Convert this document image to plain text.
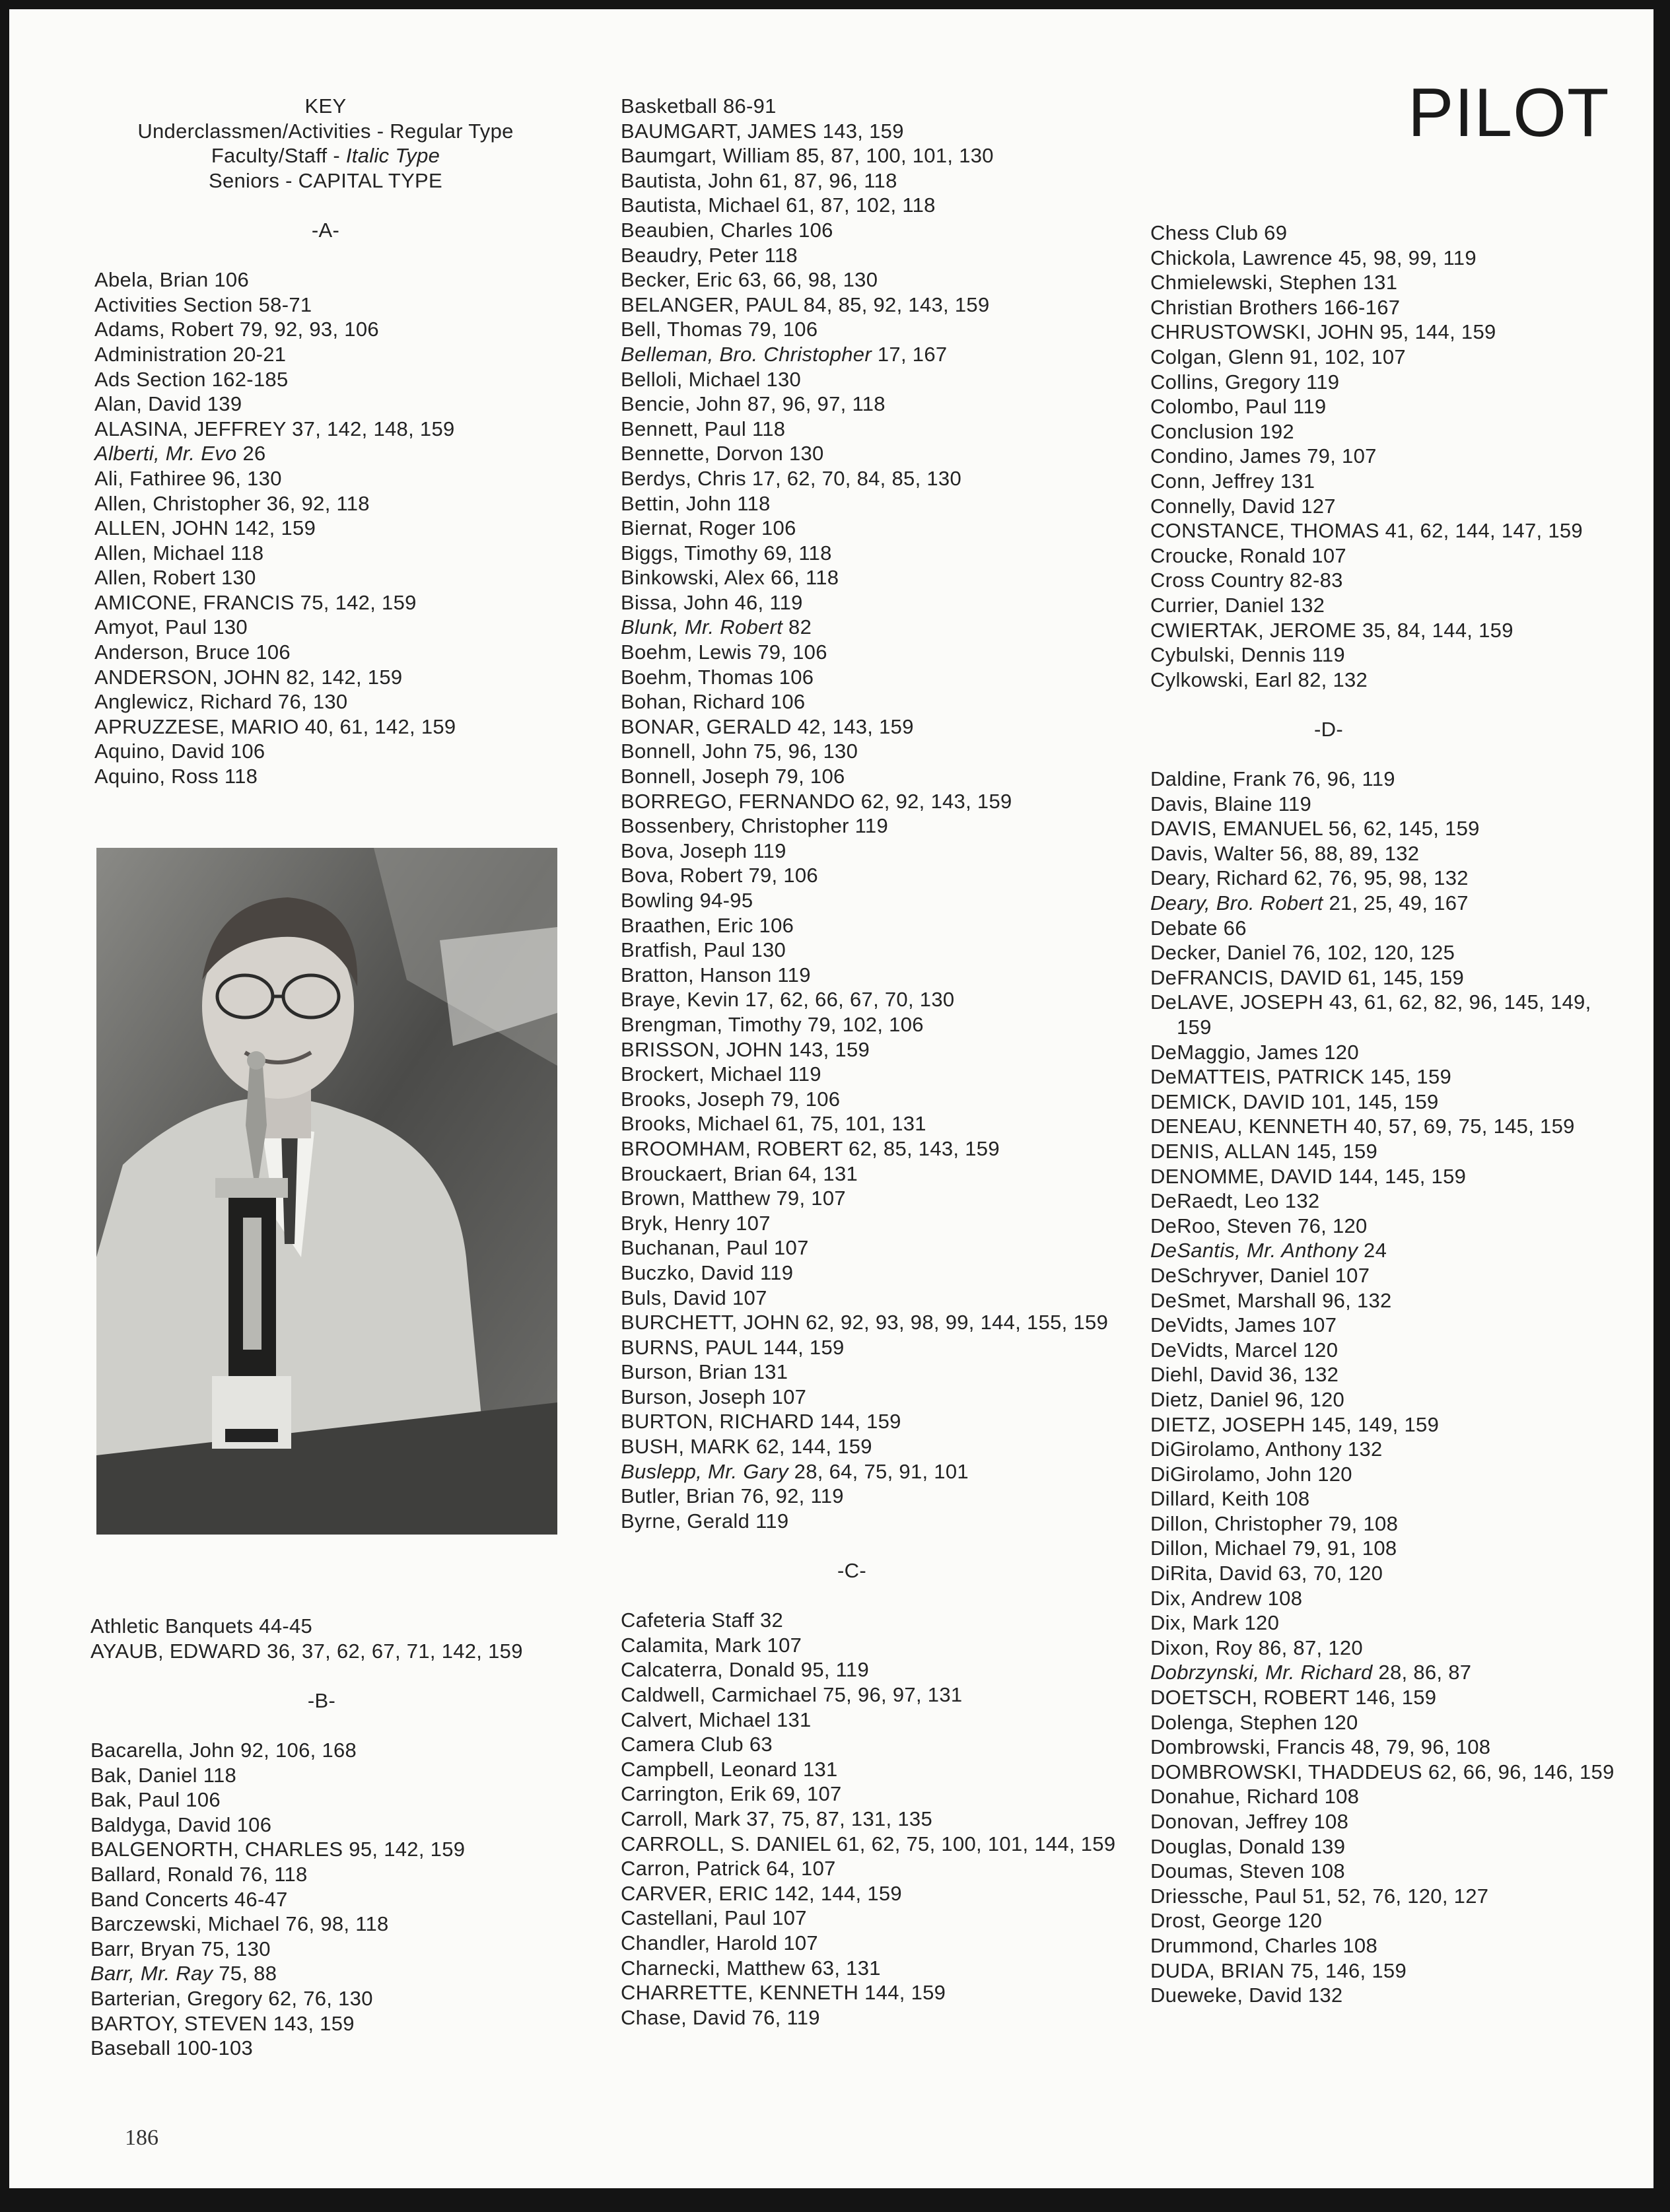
PILOT
KEY
Underclassmen/Activities - Regular Type
Faculty/Staff - Italic Type
Seniors - CAPITAL TYPE
-A-
Abela, Brian 106
Activities Section 58-71
Adams, Robert 79, 92, 93, 106
Administration 20-21
Ads Section 162-185
Alan, David 139
ALASINA, JEFFREY 37, 142, 148, 159
Alberti, Mr. Evo 26
Ali, Fathiree 96, 130
Allen, Christopher 36, 92, 118
ALLEN, JOHN 142, 159
Allen, Michael 118
Allen, Robert 130
AMICONE, FRANCIS 75, 142, 159
Amyot, Paul 130
Anderson, Bruce 106
ANDERSON, JOHN 82, 142, 159
Anglewicz, Richard 76, 130
APRUZZESE, MARIO 40, 61, 142, 159
Aquino, David 106
Aquino, Ross 118
Athletic Banquets 44-45
AYAUB, EDWARD 36, 37, 62, 67, 71, 142, 159
-B-
Bacarella, John 92, 106, 168
Bak, Daniel 118
Bak, Paul 106
Baldyga, David 106
BALGENORTH, CHARLES 95, 142, 159
Ballard, Ronald 76, 118
Band Concerts 46-47
Barczewski, Michael 76, 98, 118
Barr, Bryan 75, 130
Barr, Mr. Ray 75, 88
Barterian, Gregory 62, 76, 130
BARTOY, STEVEN 143, 159
Baseball 100-103
Basketball 86-91
BAUMGART, JAMES 143, 159
Baumgart, William 85, 87, 100, 101, 130
Bautista, John 61, 87, 96, 118
Bautista, Michael 61, 87, 102, 118
Beaubien, Charles 106
Beaudry, Peter 118
Becker, Eric 63, 66, 98, 130
BELANGER, PAUL 84, 85, 92, 143, 159
Bell, Thomas 79, 106
Belleman, Bro. Christopher 17, 167
Belloli, Michael 130
Bencie, John 87, 96, 97, 118
Bennett, Paul 118
Bennette, Dorvon 130
Berdys, Chris 17, 62, 70, 84, 85, 130
Bettin, John 118
Biernat, Roger 106
Biggs, Timothy 69, 118
Binkowski, Alex 66, 118
Bissa, John 46, 119
Blunk, Mr. Robert 82
Boehm, Lewis 79, 106
Boehm, Thomas 106
Bohan, Richard 106
BONAR, GERALD 42, 143, 159
Bonnell, John 75, 96, 130
Bonnell, Joseph 79, 106
BORREGO, FERNANDO 62, 92, 143, 159
Bossenbery, Christopher 119
Bova, Joseph 119
Bova, Robert 79, 106
Bowling 94-95
Braathen, Eric 106
Bratfish, Paul 130
Bratton, Hanson 119
Braye, Kevin 17, 62, 66, 67, 70, 130
Brengman, Timothy 79, 102, 106
BRISSON, JOHN 143, 159
Brockert, Michael 119
Brooks, Joseph 79, 106
Brooks, Michael 61, 75, 101, 131
BROOMHAM, ROBERT 62, 85, 143, 159
Brouckaert, Brian 64, 131
Brown, Matthew 79, 107
Bryk, Henry 107
Buchanan, Paul 107
Buczko, David 119
Buls, David 107
BURCHETT, JOHN 62, 92, 93, 98, 99, 144, 155, 159
BURNS, PAUL 144, 159
Burson, Brian 131
Burson, Joseph 107
BURTON, RICHARD 144, 159
BUSH, MARK 62, 144, 159
Buslepp, Mr. Gary 28, 64, 75, 91, 101
Butler, Brian 76, 92, 119
Byrne, Gerald 119
-C-
Cafeteria Staff 32
Calamita, Mark 107
Calcaterra, Donald 95, 119
Caldwell, Carmichael 75, 96, 97, 131
Calvert, Michael 131
Camera Club 63
Campbell, Leonard 131
Carrington, Erik 69, 107
Carroll, Mark 37, 75, 87, 131, 135
CARROLL, S. DANIEL 61, 62, 75, 100, 101, 144, 159
Carron, Patrick 64, 107
CARVER, ERIC 142, 144, 159
Castellani, Paul 107
Chandler, Harold 107
Charnecki, Matthew 63, 131
CHARRETTE, KENNETH 144, 159
Chase, David 76, 119
Chess Club 69
Chickola, Lawrence 45, 98, 99, 119
Chmielewski, Stephen 131
Christian Brothers 166-167
CHRUSTOWSKI, JOHN 95, 144, 159
Colgan, Glenn 91, 102, 107
Collins, Gregory 119
Colombo, Paul 119
Conclusion 192
Condino, James 79, 107
Conn, Jeffrey 131
Connelly, David 127
CONSTANCE, THOMAS 41, 62, 144, 147, 159
Croucke, Ronald 107
Cross Country 82-83
Currier, Daniel 132
CWIERTAK, JEROME 35, 84, 144, 159
Cybulski, Dennis 119
Cylkowski, Earl 82, 132
-D-
Daldine, Frank 76, 96, 119
Davis, Blaine 119
DAVIS, EMANUEL 56, 62, 145, 159
Davis, Walter 56, 88, 89, 132
Deary, Richard 62, 76, 95, 98, 132
Deary, Bro. Robert 21, 25, 49, 167
Debate 66
Decker, Daniel 76, 102, 120, 125
DeFRANCIS, DAVID 61, 145, 159
DeLAVE, JOSEPH 43, 61, 62, 82, 96, 145, 149, 159
DeMaggio, James 120
DeMATTEIS, PATRICK 145, 159
DEMICK, DAVID 101, 145, 159
DENEAU, KENNETH 40, 57, 69, 75, 145, 159
DENIS, ALLAN 145, 159
DENOMME, DAVID 144, 145, 159
DeRaedt, Leo 132
DeRoo, Steven 76, 120
DeSantis, Mr. Anthony 24
DeSchryver, Daniel 107
DeSmet, Marshall 96, 132
DeVidts, James 107
DeVidts, Marcel 120
Diehl, David 36, 132
Dietz, Daniel 96, 120
DIETZ, JOSEPH 145, 149, 159
DiGirolamo, Anthony 132
DiGirolamo, John 120
Dillard, Keith 108
Dillon, Christopher 79, 108
Dillon, Michael 79, 91, 108
DiRita, David 63, 70, 120
Dix, Andrew 108
Dix, Mark 120
Dixon, Roy 86, 87, 120
Dobrzynski, Mr. Richard 28, 86, 87
DOETSCH, ROBERT 146, 159
Dolenga, Stephen 120
Dombrowski, Francis 48, 79, 96, 108
DOMBROWSKI, THADDEUS 62, 66, 96, 146, 159
Donahue, Richard 108
Donovan, Jeffrey 108
Douglas, Donald 139
Doumas, Steven 108
Driessche, Paul 51, 52, 76, 120, 127
Drost, George 120
Drummond, Charles 108
DUDA, BRIAN 75, 146, 159
Dueweke, David 132
186
